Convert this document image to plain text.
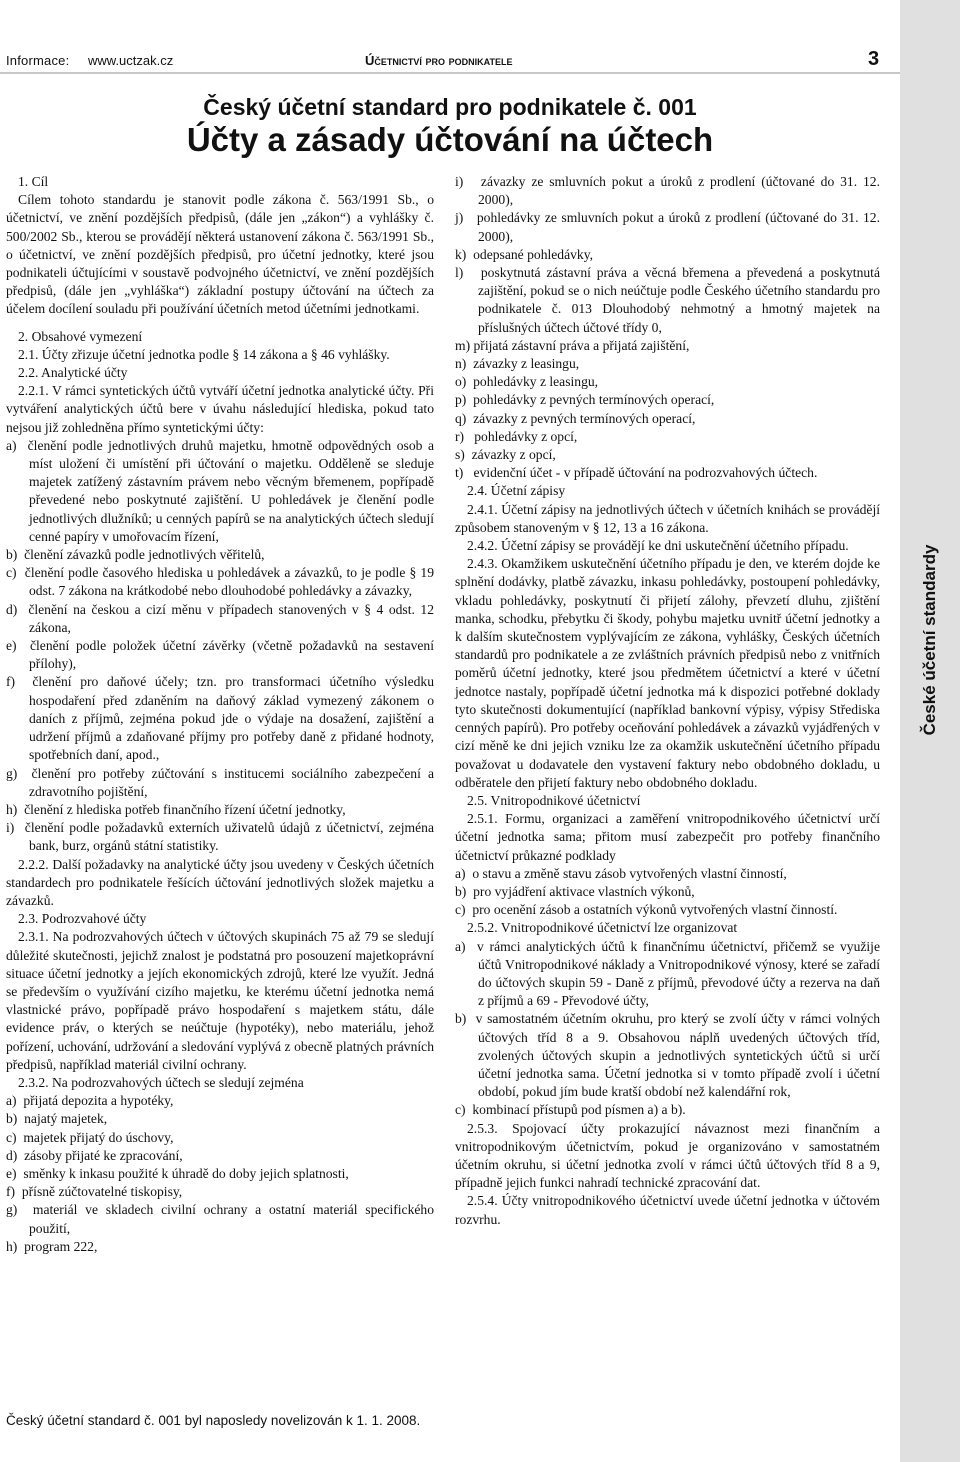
České účetní standardy
Informace: www.uctzak.cz	Účetnictví pro podnikatele	3
Český účetní standard pro podnikatele č. 001
Účty a zásady účtování na účtech

1. Cíl

Cílem tohoto standardu je stanovit podle zákona č. 563/1991 Sb., o účetnictví, ve znění pozdějších předpisů, (dále jen „zákon“) a vyhlášky č. 500/2002 Sb., kterou se provádějí některá ustanovení zákona č. 563/1991 Sb., o účetnictví, ve znění pozdějších předpisů, pro účetní jednotky, které jsou podnikateli účtujícími v soustavě podvojného účetnictví, ve znění pozdějších předpisů, (dále jen „vyhláška“) základní postupy účtování na účtech za účelem docílení souladu při používání účetních metod účetními jednotkami.

2. Obsahové vymezení

2.1. Účty zřizuje účetní jednotka podle § 14 zákona a § 46 vyhlášky.

2.2. Analytické účty

2.2.1. V rámci syntetických účtů vytváří účetní jednotka analytické účty. Při vytváření analytických účtů bere v úvahu následující hlediska, pokud tato nejsou již zohledněna přímo syntetickými účty:

a)  členění podle jednotlivých druhů majetku, hmotně odpovědných osob a míst uložení či umístění při účtování o majetku. Odděleně se sleduje majetek zatížený zástavním právem nebo věcným břemenem, popřípadě převedené nebo poskytnuté zajištění. U pohledávek je členění podle jednotlivých dlužníků; u cenných papírů se na analytických účtech sledují cenné papíry v umořovacím řízení,

b)  členění závazků podle jednotlivých věřitelů,

c)  členění podle časového hlediska u pohledávek a závazků, to je podle § 19 odst. 7 zákona na krátkodobé nebo dlouhodobé pohledávky a závazky,

d)  členění na českou a cizí měnu v případech stanovených v § 4 odst. 12 zákona,

e)  členění podle položek účetní závěrky (včetně požadavků na sestavení přílohy),

f)  členění pro daňové účely; tzn. pro transformaci účetního výsledku hospodaření před zdaněním na daňový základ vymezený zákonem o daních z příjmů, zejména pokud jde o výdaje na dosažení, zajištění a udržení příjmů a zdaňované příjmy pro potřeby daně z přidané hodnoty, spotřebních daní, apod.,

g)  členění pro potřeby zúčtování s institucemi sociálního zabezpečení a zdravotního pojištění,

h)  členění z hlediska potřeb finančního řízení účetní jednotky,

i)  členění podle požadavků externích uživatelů údajů z účetnictví, zejména bank, burz, orgánů státní statistiky.

2.2.2. Další požadavky na analytické účty jsou uvedeny v Českých účetních standardech pro podnikatele řešících účtování jednotlivých složek majetku a závazků.

2.3. Podrozvahové účty

2.3.1. Na podrozvahových účtech v účtových skupinách 75 až 79 se sledují důležité skutečnosti, jejichž znalost je podstatná pro posouzení majetkoprávní situace účetní jednotky a jejích ekonomických zdrojů, které lze využít. Jedná se především o využívání cizího majetku, ke kterému účetní jednotka nemá vlastnické právo, popřípadě právo hospodaření s majetkem státu, dále evidence práv, o kterých se neúčtuje (hypotéky), nebo materiálu, jehož pořízení, uchování, udržování a sledování vyplývá z obecně platných právních předpisů, například materiál civilní ochrany.

2.3.2. Na podrozvahových účtech se sledují zejména

a)  přijatá depozita a hypotéky,

b)  najatý majetek,

c)  majetek přijatý do úschovy,

d)  zásoby přijaté ke zpracování,

e)  směnky k inkasu použité k úhradě do doby jejich splatnosti,

f)  přísně zúčtovatelné tiskopisy,

g)  materiál ve skladech civilní ochrany a ostatní materiál specifického použití,

h)  program 222,

i)   závazky ze smluvních pokut a úroků z prodlení (účtované do 31. 12. 2000),

j)   pohledávky ze smluvních pokut a úroků z prodlení (účtované do 31. 12. 2000),

k)  odepsané pohledávky,

l)   poskytnutá zástavní práva a věcná břemena a převedená a poskytnutá zajištění, pokud se o nich neúčtuje podle Českého účetního standardu pro podnikatele č. 013 Dlouhodobý nehmotný a hmotný majetek na příslušných účtech účtové třídy 0,

m) přijatá zástavní práva a přijatá zajištění,

n)  závazky z leasingu,

o)  pohledávky z leasingu,

p)  pohledávky z pevných termínových operací,

q)  závazky z pevných termínových operací,

r)   pohledávky z opcí,

s)  závazky z opcí,

t)   evidenční účet - v případě účtování na podrozvahových účtech.

2.4. Účetní zápisy

2.4.1. Účetní zápisy na jednotlivých účtech v účetních knihách se provádějí způsobem stanoveným v § 12, 13 a 16 zákona.

2.4.2. Účetní zápisy se provádějí ke dni uskutečnění účetního případu.

2.4.3. Okamžikem uskutečnění účetního případu je den, ve kterém dojde ke splnění dodávky, platbě závazku, inkasu pohledávky, postoupení pohledávky, vkladu pohledávky, poskytnutí či přijetí zálohy, převzetí dluhu, zjištění manka, schodku, přebytku či škody, pohybu majetku uvnitř účetní jednotky a k dalším skutečnostem vyplývajícím ze zákona, vyhlášky, Českých účetních standardů pro podnikatele a ze zvláštních právních předpisů nebo z vnitřních poměrů účetní jednotky, které jsou předmětem účetnictví a které v účetní jednotce nastaly, popřípadě účetní jednotka má k dispozici potřebné doklady tyto skutečnosti dokumentující (například bankovní výpisy, výpisy Střediska cenných papírů). Pro potřeby oceňování pohledávek a závazků vyjádřených v cizí měně ke dni jejich vzniku lze za okamžik uskutečnění účetního případu považovat u dodavatele den vystavení faktury nebo obdobného dokladu, u odběratele den přijetí faktury nebo obdobného dokladu.

2.5. Vnitropodnikové účetnictví

2.5.1. Formu, organizaci a zaměření vnitropodnikového účetnictví určí účetní jednotka sama; přitom musí zabezpečit pro potřeby finančního účetnictví průkazné podklady

a)  o stavu a změně stavu zásob vytvořených vlastní činností,

b)  pro vyjádření aktivace vlastních výkonů,

c)  pro ocenění zásob a ostatních výkonů vytvořených vlastní činností.

2.5.2. Vnitropodnikové účetnictví lze organizovat

a)  v rámci analytických účtů k finančnímu účetnictví, přičemž se využije účtů Vnitropodnikové náklady a Vnitropodnikové výnosy, které se zařadí do účtových skupin 59 - Daně z příjmů, převodové účty a rezerva na daň z příjmů a 69 - Převodové účty,

b)  v samostatném účetním okruhu, pro který se zvolí účty v rámci volných účtových tříd 8 a 9. Obsahovou náplň uvedených účtových tříd, zvolených účtových skupin a jednotlivých syntetických účtů si určí účetní jednotka sama. Účetní jednotka si v tomto případě zvolí i účetní období, pokud jím bude kratší období než kalendářní rok,

c)  kombinací přístupů pod písmen a) a b).

2.5.3. Spojovací účty prokazující návaznost mezi finančním a vnitropodnikovým účetnictvím, pokud je organizováno v samostatném účetním okruhu, si účetní jednotka zvolí v rámci účtů účtových tříd 8 a 9, případně jejich funkci nahradí technické zpracování dat.

2.5.4. Účty vnitropodnikového účetnictví uvede účetní jednotka v účtovém rozvrhu.

Český účetní standard č. 001 byl naposledy novelizován k 1. 1. 2008.
